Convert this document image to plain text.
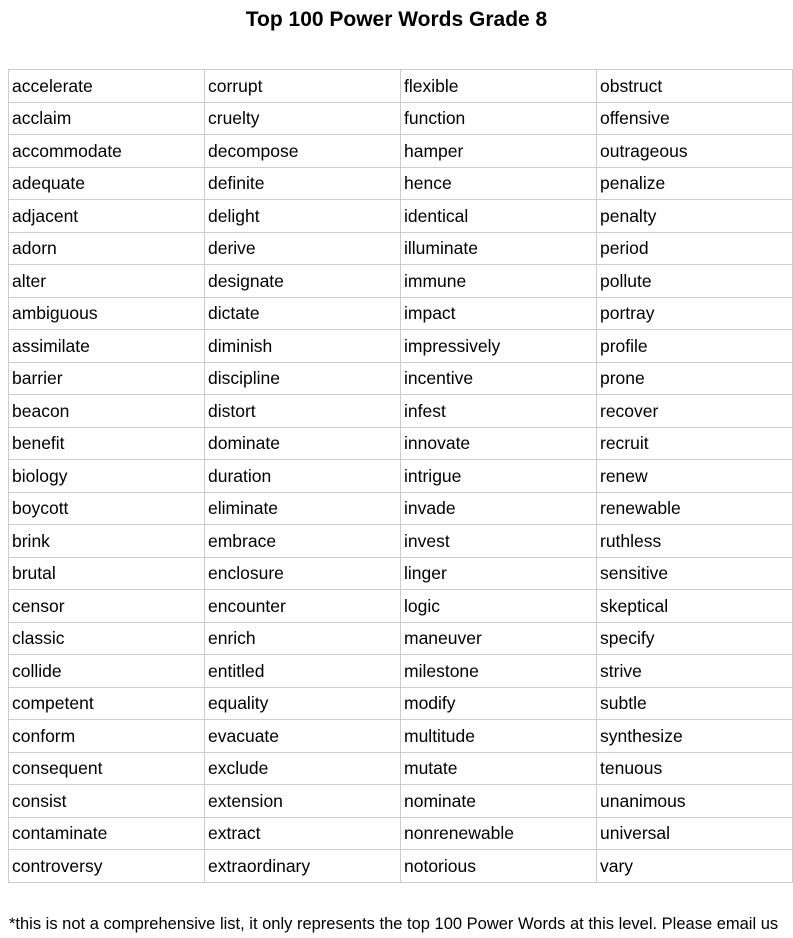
Top 100 Power Words Grade 8
accelerate	corrupt	flexible	obstruct
acclaim	cruelty	function	offensive
accommodate	decompose	hamper	outrageous
adequate	definite	hence	penalize
adjacent	delight	identical	penalty
adorn	derive	illuminate	period
alter	designate	immune	pollute
ambiguous	dictate	impact	portray
assimilate	diminish	impressively	profile
barrier	discipline	incentive	prone
beacon	distort	infest	recover
benefit	dominate	innovate	recruit
biology	duration	intrigue	renew
boycott	eliminate	invade	renewable
brink	embrace	invest	ruthless
brutal	enclosure	linger	sensitive
censor	encounter	logic	skeptical
classic	enrich	maneuver	specify
collide	entitled	milestone	strive
competent	equality	modify	subtle
conform	evacuate	multitude	synthesize
consequent	exclude	mutate	tenuous
consist	extension	nominate	unanimous
contaminate	extract	nonrenewable	universal
controversy	extraordinary	notorious	vary
*this is not a comprehensive list, it only represents the top 100 Power Words at this level. Please email us
